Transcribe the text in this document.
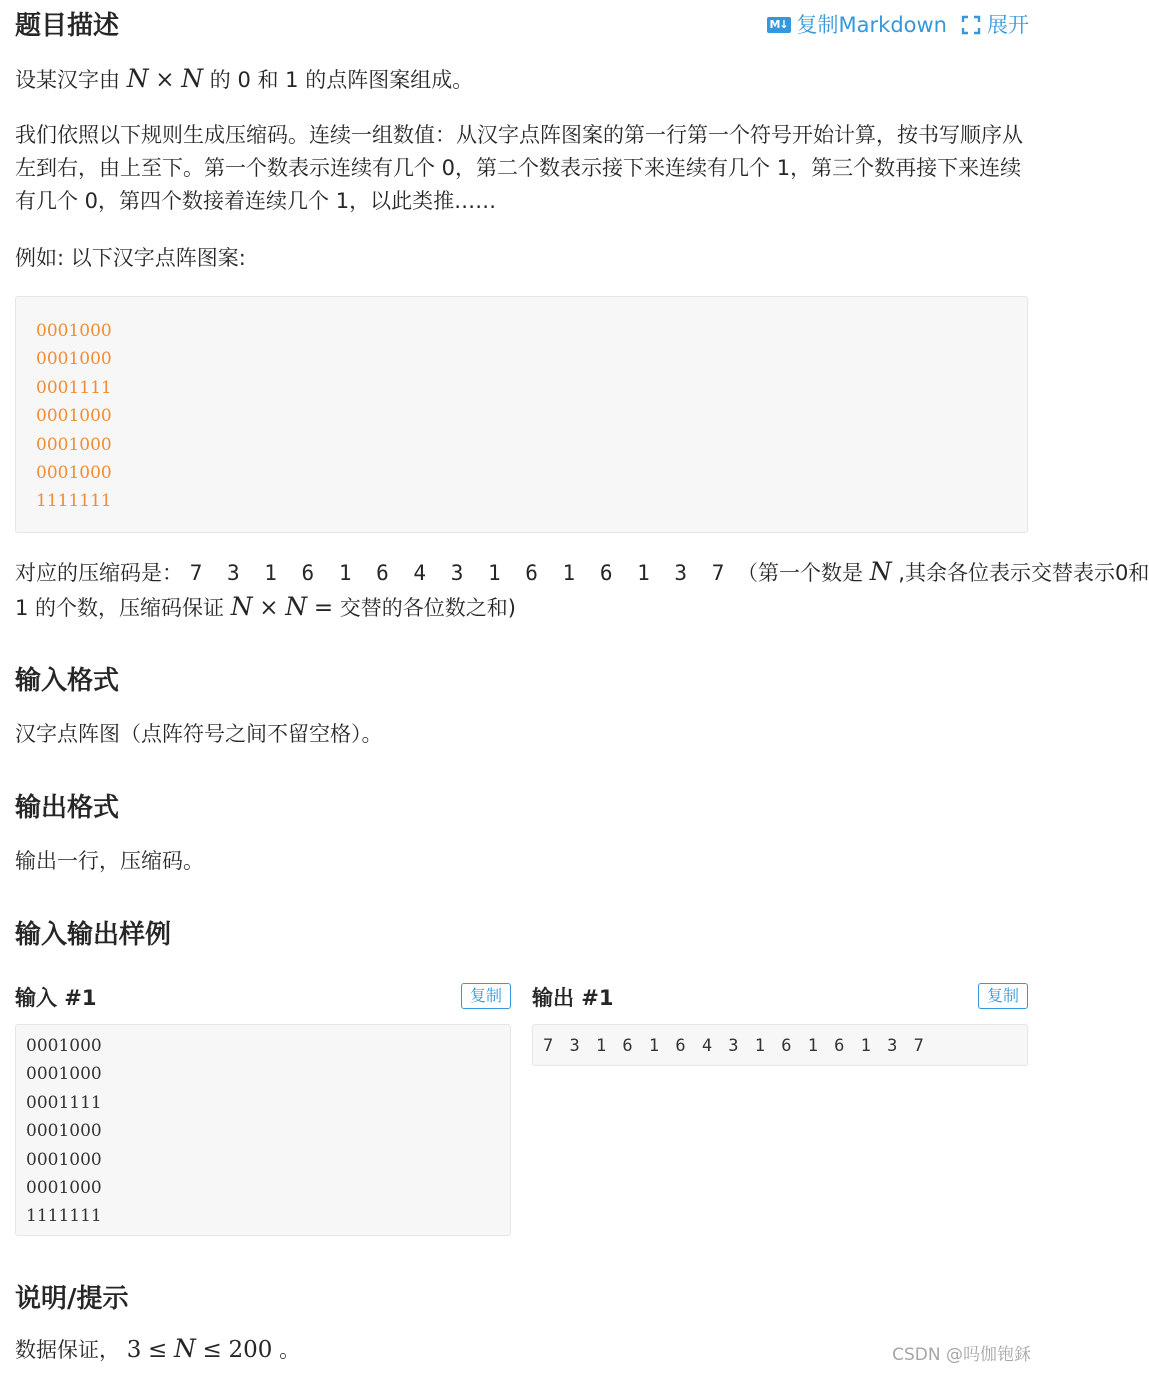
题目描述	M↓ 复制Markdown 展开
设某汉字由 N × N 的 0 和 1 的点阵图案组成。
我们依照以下规则生成压缩码。连续一组数值：从汉字点阵图案的第一行第一个符号开始计算，按书写顺序从左到右，由上至下。第一个数表示连续有几个 0，第二个数表示接下来连续有几个 1，第三个数再接下来连续有几个 0，第四个数接着连续几个 1，以此类推……
例如: 以下汉字点阵图案:
0001000
0001000
0001111
0001000
0001000
0001000
1111111
对应的压缩码是： 7 3 1 6 1 6 4 3 1 6 1 6 1 3 7 （第一个数是 N ,其余各位表示交替表示0和
1 的个数，压缩码保证 N × N = 交替的各位数之和)
输入格式
汉字点阵图（点阵符号之间不留空格）。
输出格式
输出一行，压缩码。
输入输出样例
输入 #1	复制
0001000
0001000
0001111
0001000
0001000
0001000
1111111
输出 #1	复制
7 3 1 6 1 6 4 3 1 6 1 6 1 3 7
说明/提示
数据保证， 3 ≤ N ≤ 200 。	CSDN @吗伽铇鉌
